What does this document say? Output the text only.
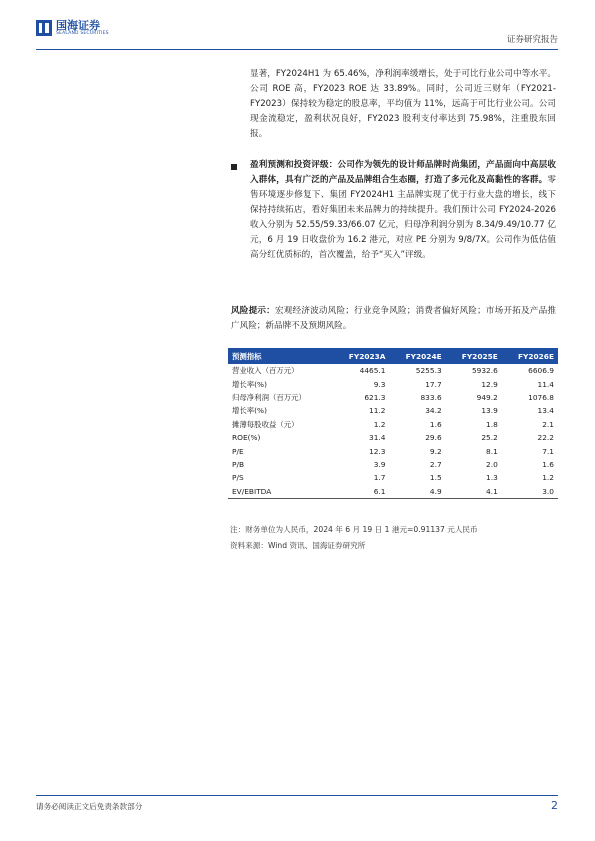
国海证券
SEALAND SECURITIES
证券研究报告
显著，FY2024H1 为 65.46%，净利润率缓增长，处于可比行业公司中等水平。公司 ROE 高，FY2023 ROE 达 33.89%。同时，公司近三财年（FY2021-FY2023）保持较为稳定的股息率，平均值为 11%，远高于可比行业公司。公司现金流稳定，盈利状况良好，FY2023 股利支付率达到 75.98%，注重股东回报。
盈利预测和投资评级：公司作为领先的设计师品牌时尚集团，产品面向中高层收入群体，具有广泛的产品及品牌组合生态圈，打造了多元化及高黏性的客群。零售环境逐步修复下、集团 FY2024H1 主品牌实现了优于行业大盘的增长，线下保持持续拓店，看好集团未来品牌力的持续提升。我们预计公司 FY2024-2026 收入分别为 52.55/59.33/66.07 亿元，归母净利润分别为 8.34/9.49/10.77 亿元，6 月 19 日收盘价为 16.2 港元，对应 PE 分别为 9/8/7X。公司作为低估值高分红优质标的，首次覆盖，给予“买入”评级。
风险提示：宏观经济波动风险；行业竞争风险；消费者偏好风险；市场开拓及产品推广风险；新品牌不及预期风险。
预测指标	FY2023A	FY2024E	FY2025E	FY2026E
营业收入（百万元）	4465.1	5255.3	5932.6	6606.9
增长率(%)	9.3	17.7	12.9	11.4
归母净利润（百万元）	621.3	833.6	949.2	1076.8
增长率(%)	11.2	34.2	13.9	13.4
摊薄每股收益（元）	1.2	1.6	1.8	2.1
ROE(%)	31.4	29.6	25.2	22.2
P/E	12.3	9.2	8.1	7.1
P/B	3.9	2.7	2.0	1.6
P/S	1.7	1.5	1.3	1.2
EV/EBITDA	6.1	4.9	4.1	3.0
注：财务单位为人民币，2024 年 6 月 19 日 1 港元=0.91137 元人民币
资料来源：Wind 资讯、国海证券研究所
请务必阅读正文后免责条款部分	2
